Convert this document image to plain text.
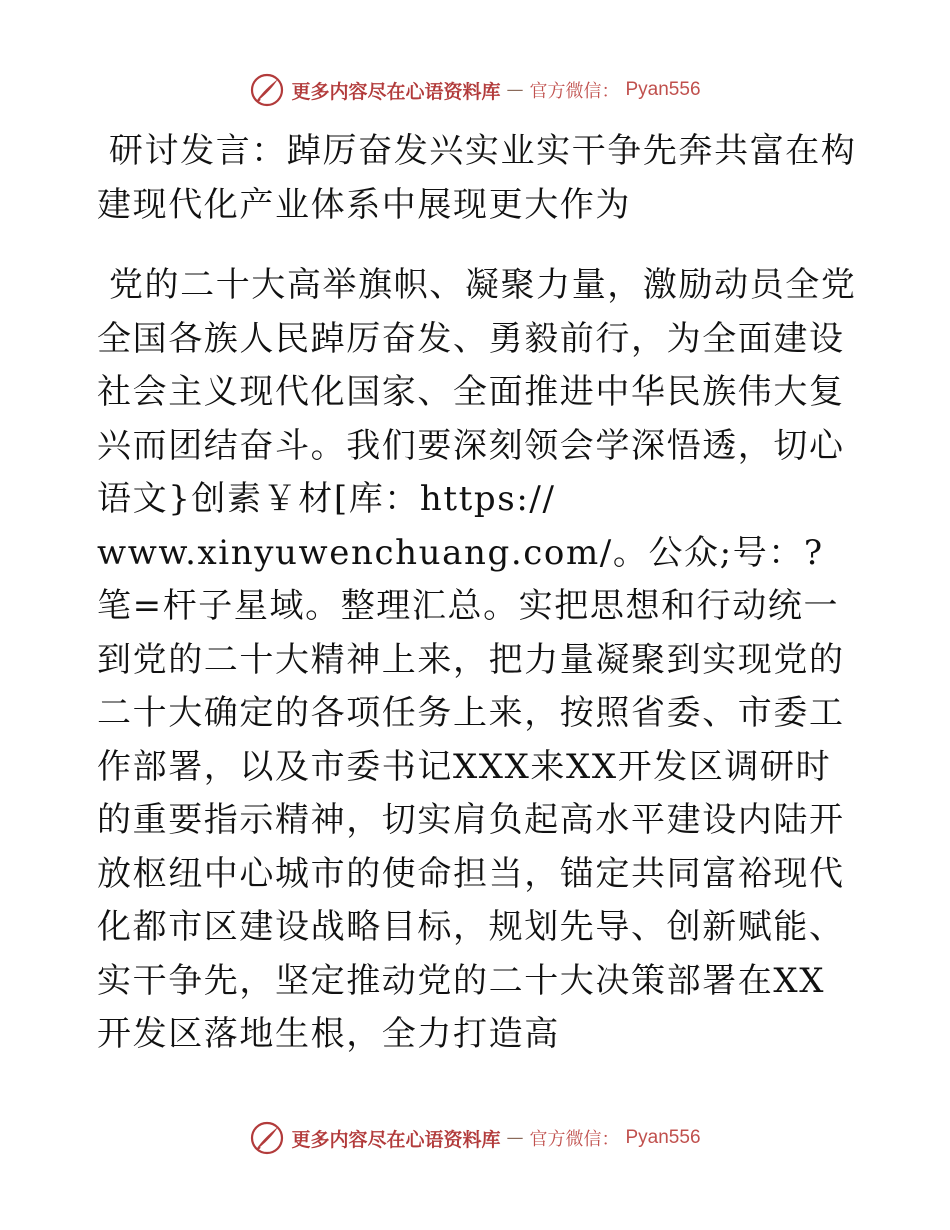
更多内容尽在心语资料库 — 官方微信： Pyan556
研讨发言：踔厉奋发兴实业实干争先奔共富在构建现代化产业体系中展现更大作为

党的二十大高举旗帜、凝聚力量，激励动员全党全国各族人民踔厉奋发、勇毅前行，为全面建设社会主义现代化国家、全面推进中华民族伟大复兴而团结奋斗。我们要深刻领会学深悟透，切心语文}创素￥材[库：https://
www.xinyuwenchuang.com/。公众;号：?笔=杆子星域。整理汇总。实把思想和行动统一到党的二十大精神上来，把力量凝聚到实现党的二十大确定的各项任务上来，按照省委、市委工作部署，以及市委书记XXX来XX开发区调研时的重要指示精神，切实肩负起高水平建设内陆开放枢纽中心城市的使命担当，锚定共同富裕现代化都市区建设战略目标，规划先导、创新赋能、实干争先，坚定推动党的二十大决策部署在XX开发区落地生根，全力打造高

更多内容尽在心语资料库 — 官方微信： Pyan556
